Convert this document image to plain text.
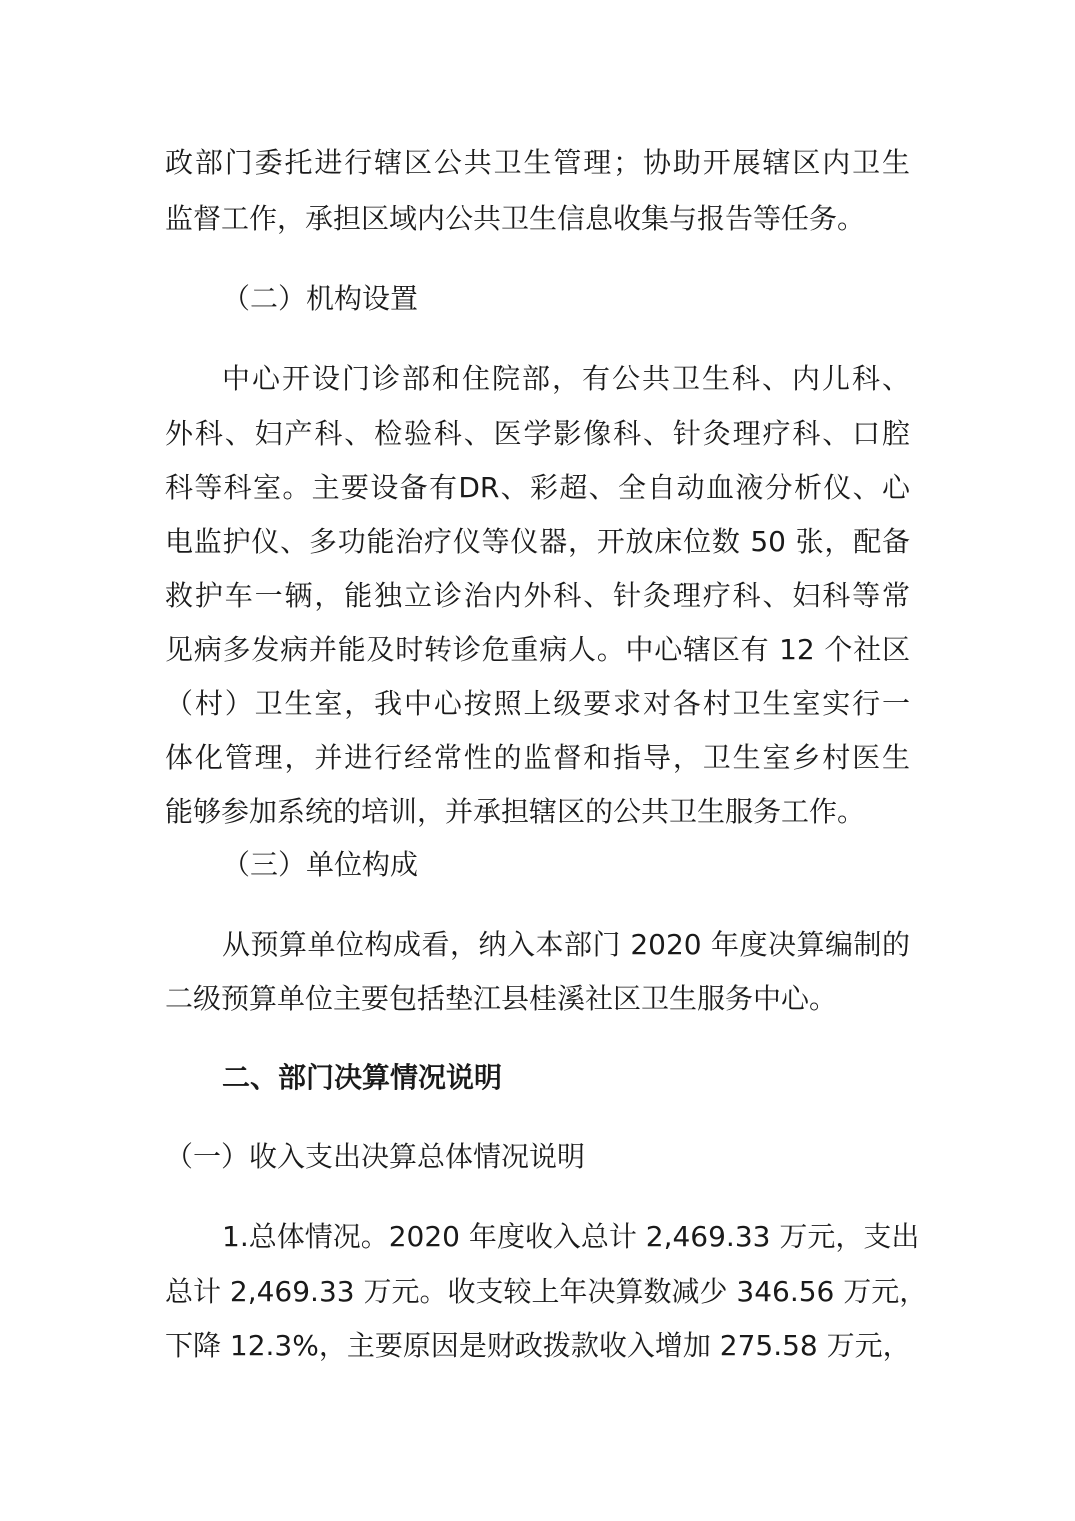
政部门委托进行辖区公共卫生管理；协助开展辖区内卫生
监督工作，承担区域内公共卫生信息收集与报告等任务。
（二）机构设置
中心开设门诊部和住院部，有公共卫生科、内儿科、
外科、妇产科、检验科、医学影像科、针灸理疗科、口腔
科等科室。主要设备有DR、彩超、全自动血液分析仪、心
电监护仪、多功能治疗仪等仪器，开放床位数 50 张，配备
救护车一辆，能独立诊治内外科、针灸理疗科、妇科等常
见病多发病并能及时转诊危重病人。中心辖区有 12 个社区
（村）卫生室，我中心按照上级要求对各村卫生室实行一
体化管理，并进行经常性的监督和指导，卫生室乡村医生
能够参加系统的培训，并承担辖区的公共卫生服务工作。
（三）单位构成
从预算单位构成看，纳入本部门 2020 年度决算编制的
二级预算单位主要包括垫江县桂溪社区卫生服务中心。
二、部门决算情况说明
（一）收入支出决算总体情况说明
1.总体情况。2020 年度收入总计 2,469.33 万元，支出
总计 2,469.33 万元。收支较上年决算数减少 346.56 万元，
下降 12.3%，主要原因是财政拨款收入增加 275.58 万元，
